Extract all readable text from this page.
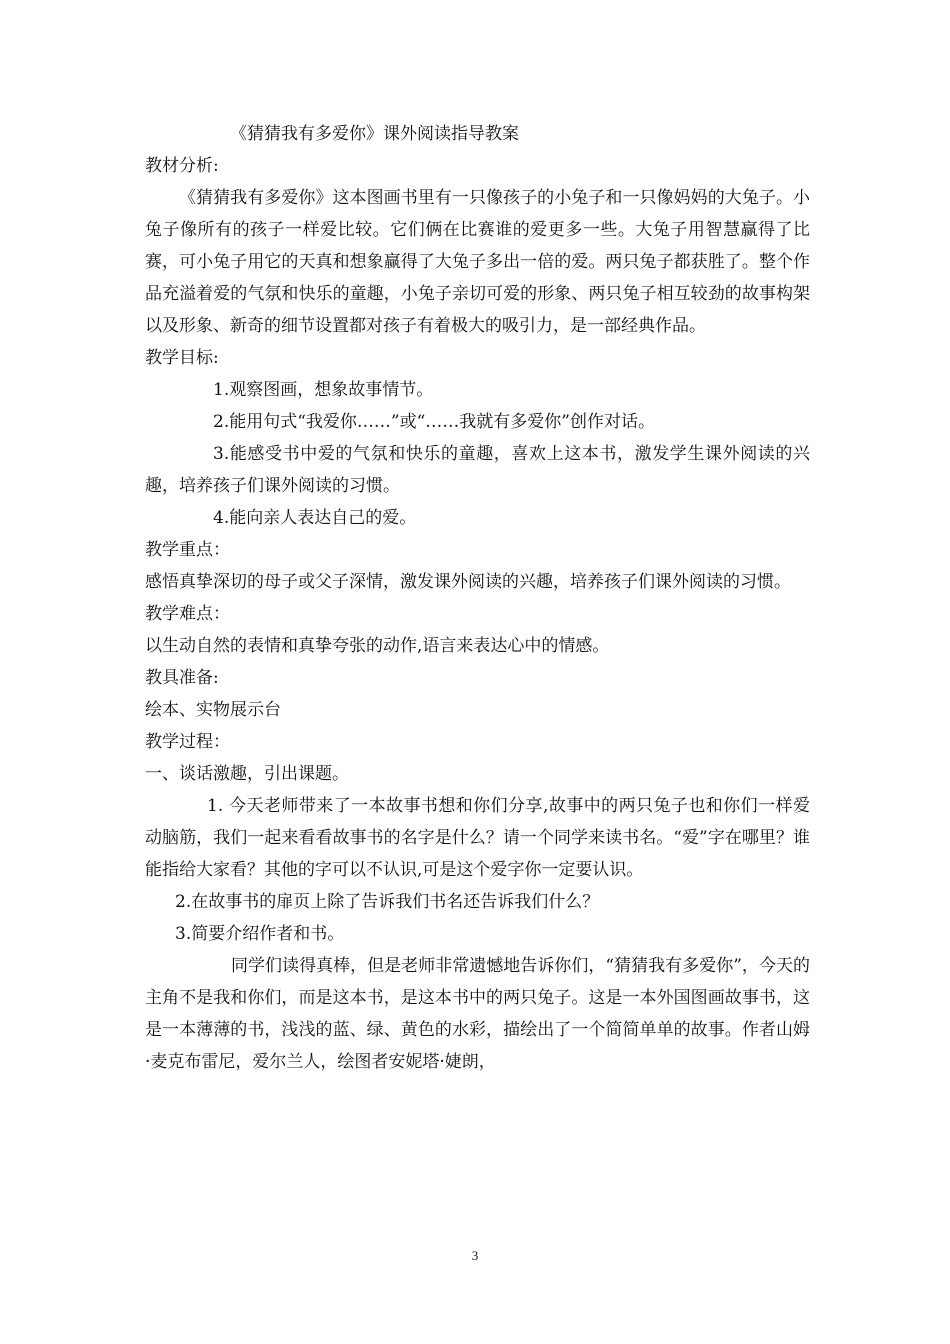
《猜猜我有多爱你》课外阅读指导教案

教材分析:

《猜猜我有多爱你》这本图画书里有一只像孩子的小兔子和一只像妈妈的大兔子。小兔子像所有的孩子一样爱比较。它们俩在比赛谁的爱更多一些。大兔子用智慧赢得了比赛，可小兔子用它的天真和想象赢得了大兔子多出一倍的爱。两只兔子都获胜了。整个作品充溢着爱的气氛和快乐的童趣，小兔子亲切可爱的形象、两只兔子相互较劲的故事构架以及形象、新奇的细节设置都对孩子有着极大的吸引力，是一部经典作品。

教学目标:

1.观察图画，想象故事情节。

2.能用句式“我爱你……”或“……我就有多爱你”创作对话。

3.能感受书中爱的气氛和快乐的童趣，喜欢上这本书，激发学生课外阅读的兴趣，培养孩子们课外阅读的习惯。

4.能向亲人表达自己的爱。

教学重点：

感悟真挚深切的母子或父子深情，激发课外阅读的兴趣，培养孩子们课外阅读的习惯。

教学难点：

以生动自然的表情和真挚夸张的动作,语言来表达心中的情感。

教具准备:

绘本、实物展示台

教学过程：

一、谈话激趣，引出课题。

1. 今天老师带来了一本故事书想和你们分享,故事中的两只兔子也和你们一样爱动脑筋，我们一起来看看故事书的名字是什么？请一个同学来读书名。“爱”字在哪里？谁能指给大家看？其他的字可以不认识,可是这个爱字你一定要认识。

2.在故事书的扉页上除了告诉我们书名还告诉我们什么？

3.简要介绍作者和书。

同学们读得真棒，但是老师非常遗憾地告诉你们，“猜猜我有多爱你”，今天的主角不是我和你们，而是这本书，是这本书中的两只兔子。这是一本外国图画故事书，这是一本薄薄的书，浅浅的蓝、绿、黄色的水彩，描绘出了一个简简单单的故事。作者山姆·麦克布雷尼，爱尔兰人，绘图者安妮塔·婕朗，

3
